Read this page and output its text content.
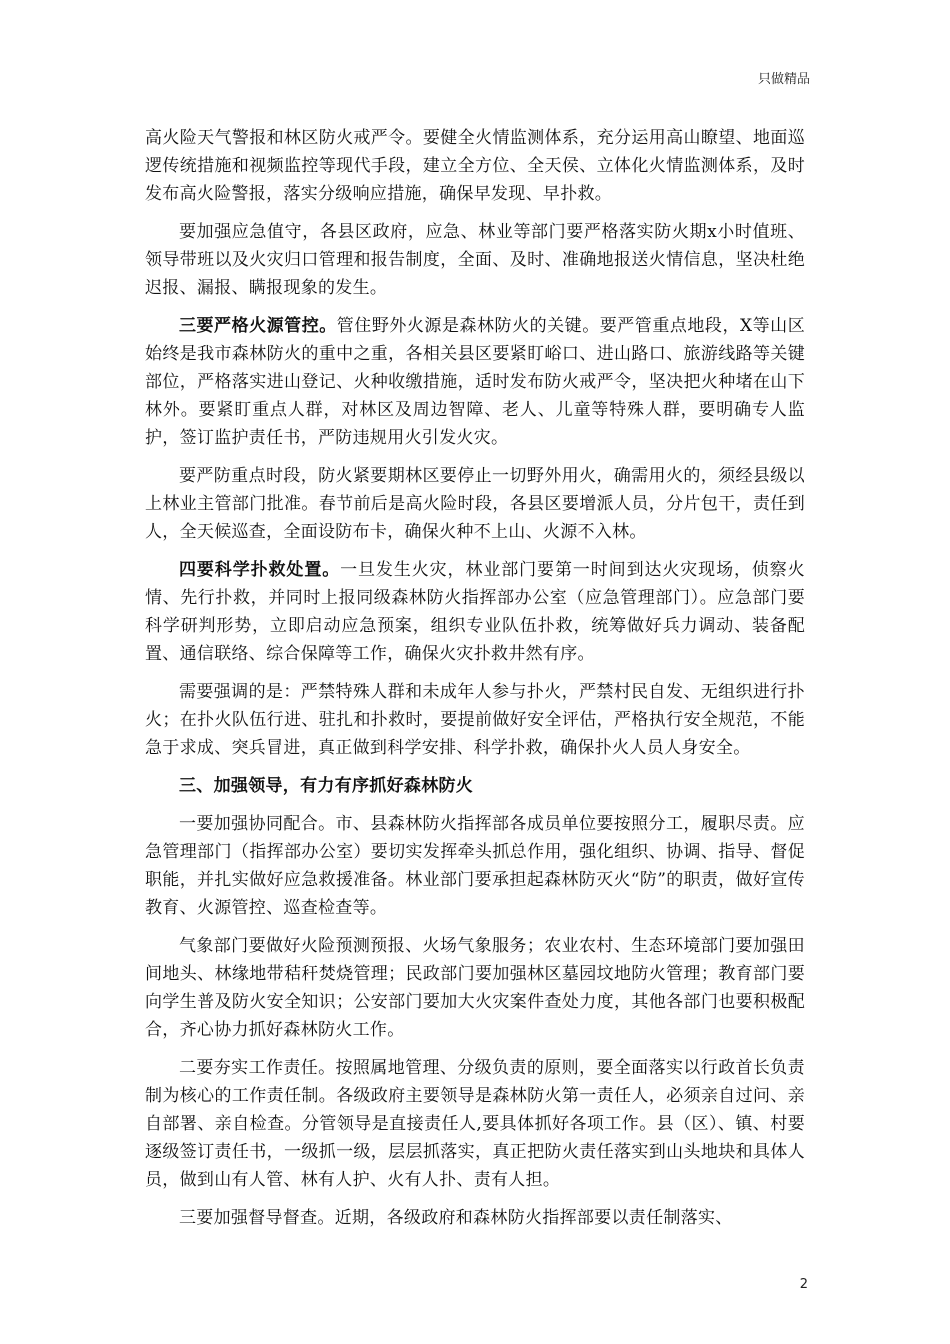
只做精品

高火险天气警报和林区防火戒严令。要健全火情监测体系，充分运用高山瞭望、地面巡逻传统措施和视频监控等现代手段，建立全方位、全天侯、立体化火情监测体系，及时发布高火险警报，落实分级响应措施，确保早发现、早扑救。

要加强应急值守，各县区政府，应急、林业等部门要严格落实防火期x小时值班、领导带班以及火灾归口管理和报告制度，全面、及时、准确地报送火情信息，坚决杜绝迟报、漏报、瞒报现象的发生。

三要严格火源管控。管住野外火源是森林防火的关键。要严管重点地段，X等山区始终是我市森林防火的重中之重，各相关县区要紧盯峪口、进山路口、旅游线路等关键部位，严格落实进山登记、火种收缴措施，适时发布防火戒严令，坚决把火种堵在山下林外。要紧盯重点人群，对林区及周边智障、老人、儿童等特殊人群，要明确专人监护，签订监护责任书，严防违规用火引发火灾。

要严防重点时段，防火紧要期林区要停止一切野外用火，确需用火的，须经县级以上林业主管部门批准。春节前后是高火险时段，各县区要增派人员，分片包干，责任到人，全天候巡查，全面设防布卡，确保火种不上山、火源不入林。

四要科学扑救处置。一旦发生火灾，林业部门要第一时间到达火灾现场，侦察火情、先行扑救，并同时上报同级森林防火指挥部办公室（应急管理部门）。应急部门要科学研判形势，立即启动应急预案，组织专业队伍扑救，统筹做好兵力调动、装备配置、通信联络、综合保障等工作，确保火灾扑救井然有序。

需要强调的是：严禁特殊人群和未成年人参与扑火，严禁村民自发、无组织进行扑火；在扑火队伍行进、驻扎和扑救时，要提前做好安全评估，严格执行安全规范，不能急于求成、突兵冒进，真正做到科学安排、科学扑救，确保扑火人员人身安全。

三、加强领导，有力有序抓好森林防火

一要加强协同配合。市、县森林防火指挥部各成员单位要按照分工，履职尽责。应急管理部门（指挥部办公室）要切实发挥牵头抓总作用，强化组织、协调、指导、督促职能，并扎实做好应急救援准备。林业部门要承担起森林防灭火“防”的职责，做好宣传教育、火源管控、巡查检查等。

气象部门要做好火险预测预报、火场气象服务；农业农村、生态环境部门要加强田间地头、林缘地带秸秆焚烧管理；民政部门要加强林区墓园坟地防火管理；教育部门要向学生普及防火安全知识；公安部门要加大火灾案件查处力度，其他各部门也要积极配合，齐心协力抓好森林防火工作。

二要夯实工作责任。按照属地管理、分级负责的原则，要全面落实以行政首长负责制为核心的工作责任制。各级政府主要领导是森林防火第一责任人，必须亲自过问、亲自部署、亲自检查。分管领导是直接责任人,要具体抓好各项工作。县（区）、镇、村要逐级签订责任书，一级抓一级，层层抓落实，真正把防火责任落实到山头地块和具体人员，做到山有人管、林有人护、火有人扑、责有人担。

三要加强督导督查。近期，各级政府和森林防火指挥部要以责任制落实、

2
